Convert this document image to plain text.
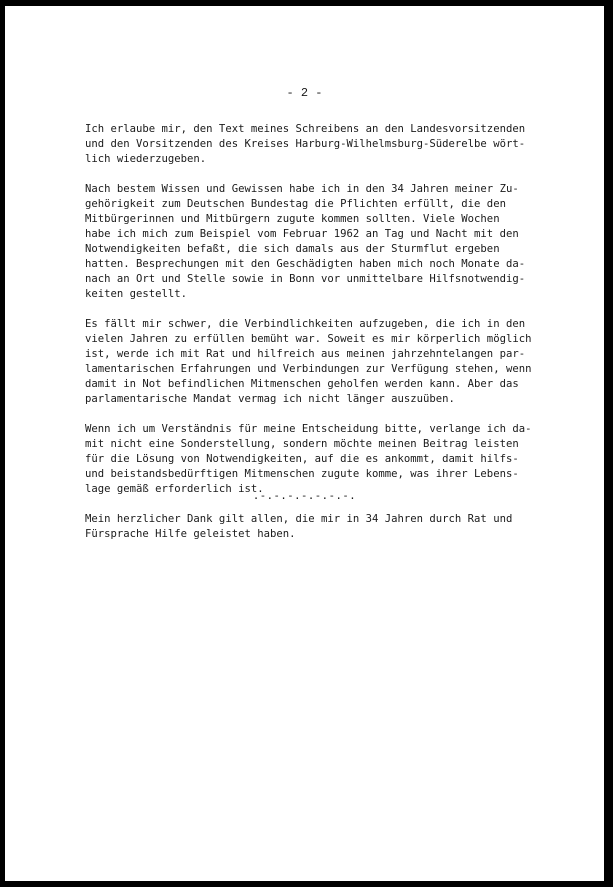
- 2 -
Ich erlaube mir, den Text meines Schreibens an den Landesvorsitzenden
und den Vorsitzenden des Kreises Harburg-Wilhelmsburg-Süderelbe wört-
lich wiederzugeben.
Nach bestem Wissen und Gewissen habe ich in den 34 Jahren meiner Zu-
gehörigkeit zum Deutschen Bundestag die Pflichten erfüllt, die den
Mitbürgerinnen und Mitbürgern zugute kommen sollten. Viele Wochen
habe ich mich zum Beispiel vom Februar 1962 an Tag und Nacht mit den
Notwendigkeiten befaßt, die sich damals aus der Sturmflut ergeben
hatten. Besprechungen mit den Geschädigten haben mich noch Monate da-
nach an Ort und Stelle sowie in Bonn vor unmittelbare Hilfsnotwendig-
keiten gestellt.
Es fällt mir schwer, die Verbindlichkeiten aufzugeben, die ich in den
vielen Jahren zu erfüllen bemüht war. Soweit es mir körperlich möglich
ist, werde ich mit Rat und hilfreich aus meinen jahrzehntelangen par-
lamentarischen Erfahrungen und Verbindungen zur Verfügung stehen, wenn
damit in Not befindlichen Mitmenschen geholfen werden kann. Aber das
parlamentarische Mandat vermag ich nicht länger auszuüben.
Wenn ich um Verständnis für meine Entscheidung bitte, verlange ich da-
mit nicht eine Sonderstellung, sondern möchte meinen Beitrag leisten
für die Lösung von Notwendigkeiten, auf die es ankommt, damit hilfs-
und beistandsbedürftigen Mitmenschen zugute komme, was ihrer Lebens-
lage gemäß erforderlich ist.
Mein herzlicher Dank gilt allen, die mir in 34 Jahren durch Rat und
Fürsprache Hilfe geleistet haben.
.-.-.-.-.-.-.-.
